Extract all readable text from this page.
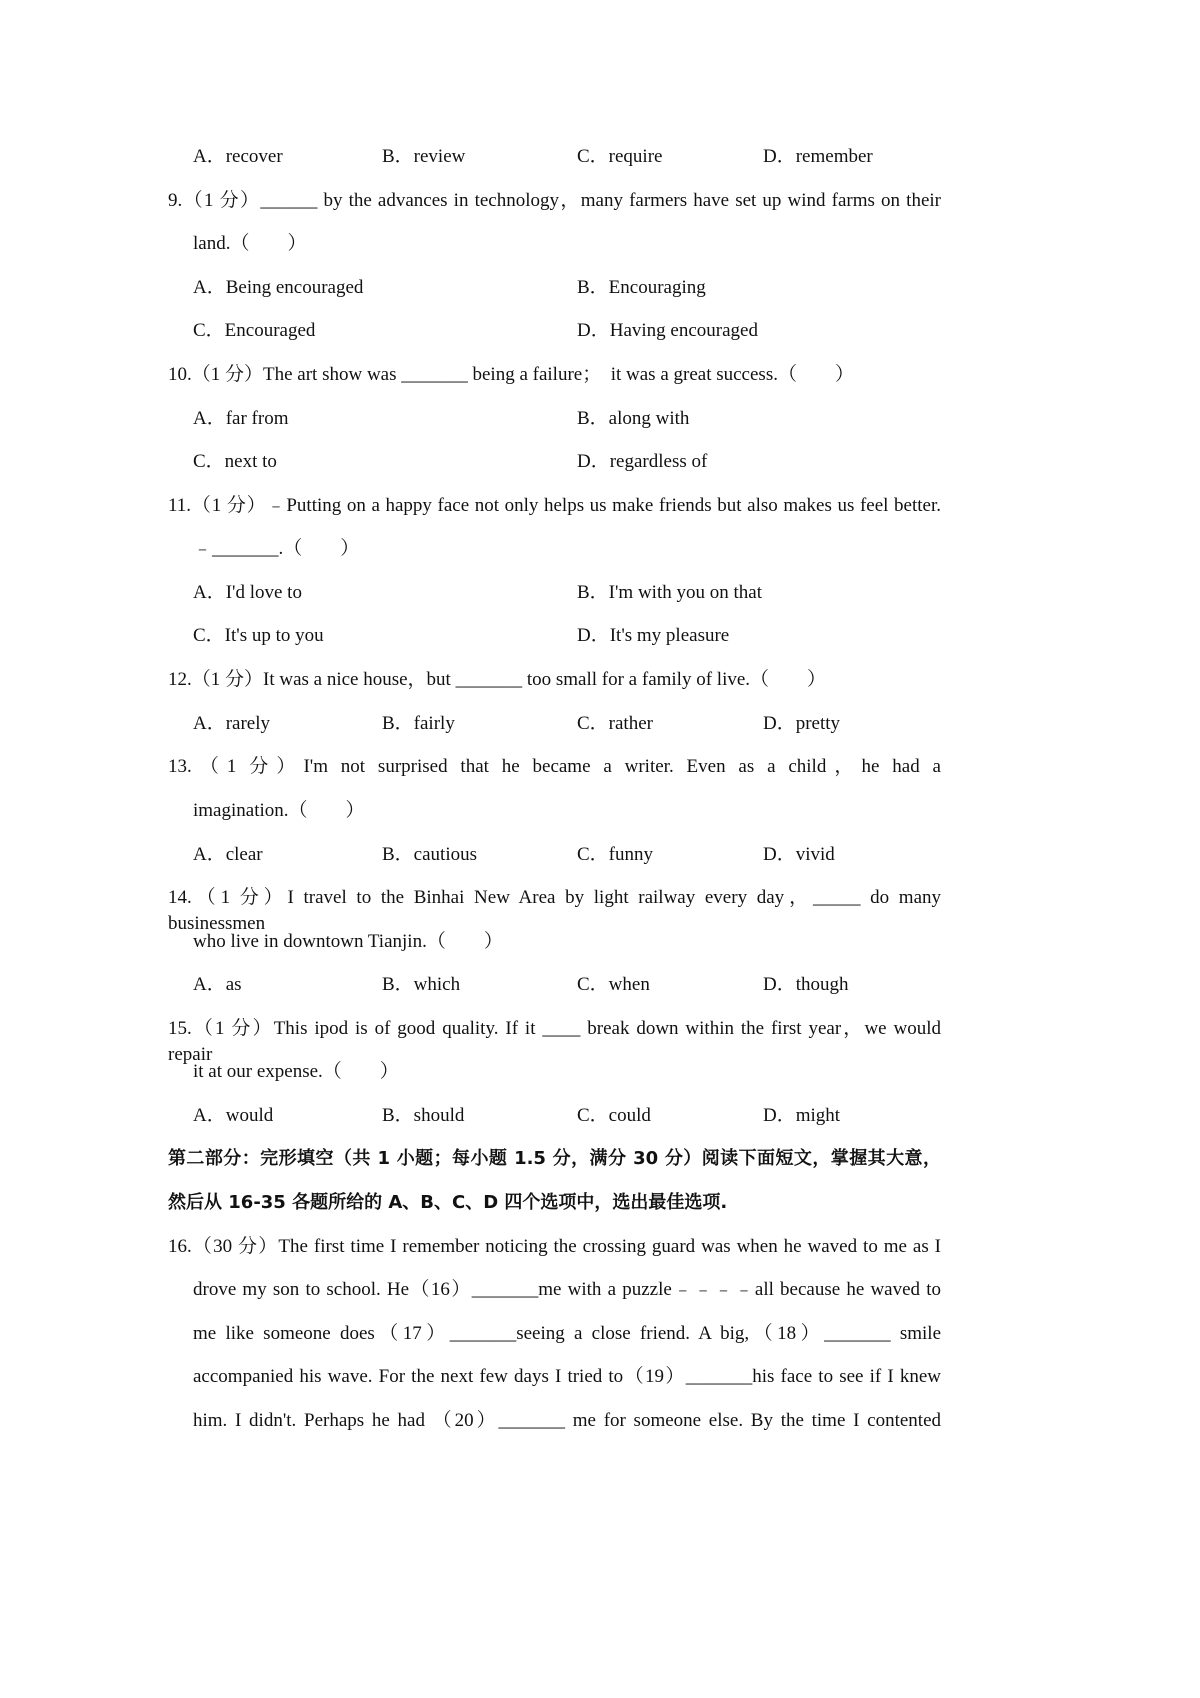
A．recover	B．review	C．require	D．remember
9.（1 分）______ by the advances in technology，many farmers have set up wind farms on their
land.（　　）
A．Being encouraged	B．Encouraging
C．Encouraged	D．Having encouraged
10.（1 分）The art show was _______ being a failure；  it was a great success.（　　）
A．far from	B．along with
C．next to	D．regardless of
11.（1 分）﹣Putting on a happy face not only helps us make friends but also makes us feel better.
﹣_______.（　　）
A．I'd love to	B．I'm with you on that
C．It's up to you	D．It's my pleasure
12.（1 分）It was a nice house，but _______ too small for a family of live.（　　）
A．rarely	B．fairly	C．rather	D．pretty
13.（1 分）I'm not surprised that he became a writer. Even as a child，he had a
imagination.（　　）
A．clear	B．cautious	C．funny	D．vivid
14.（1 分）I travel to the Binhai New Area by light railway every day，_____ do many businessmen
who live in downtown Tianjin.（　　）
A．as	B．which	C．when	D．though
15.（1 分）This ipod is of good quality. If it ____ break down within the first year，we would repair
it at our expense.（　　）
A．would	B．should	C．could	D．might
第二部分：完形填空（共 1 小题；每小题 1.5 分，满分 30 分）阅读下面短文，掌握其大意，
然后从 16-35 各题所给的 A、B、C、D 四个选项中，选出最佳选项.
16.（30 分）The first time I remember noticing the crossing guard was when he waved to me as I
drove my son to school. He（16）_______me with a puzzle﹣﹣﹣﹣all because he waved to
me like someone does（17）_______seeing a close friend. A big,（18）_______ smile
accompanied his wave. For the next few days I tried to（19）_______his face to see if I knew
him. I didn't. Perhaps he had （20）_______ me for someone else. By the time I contented
